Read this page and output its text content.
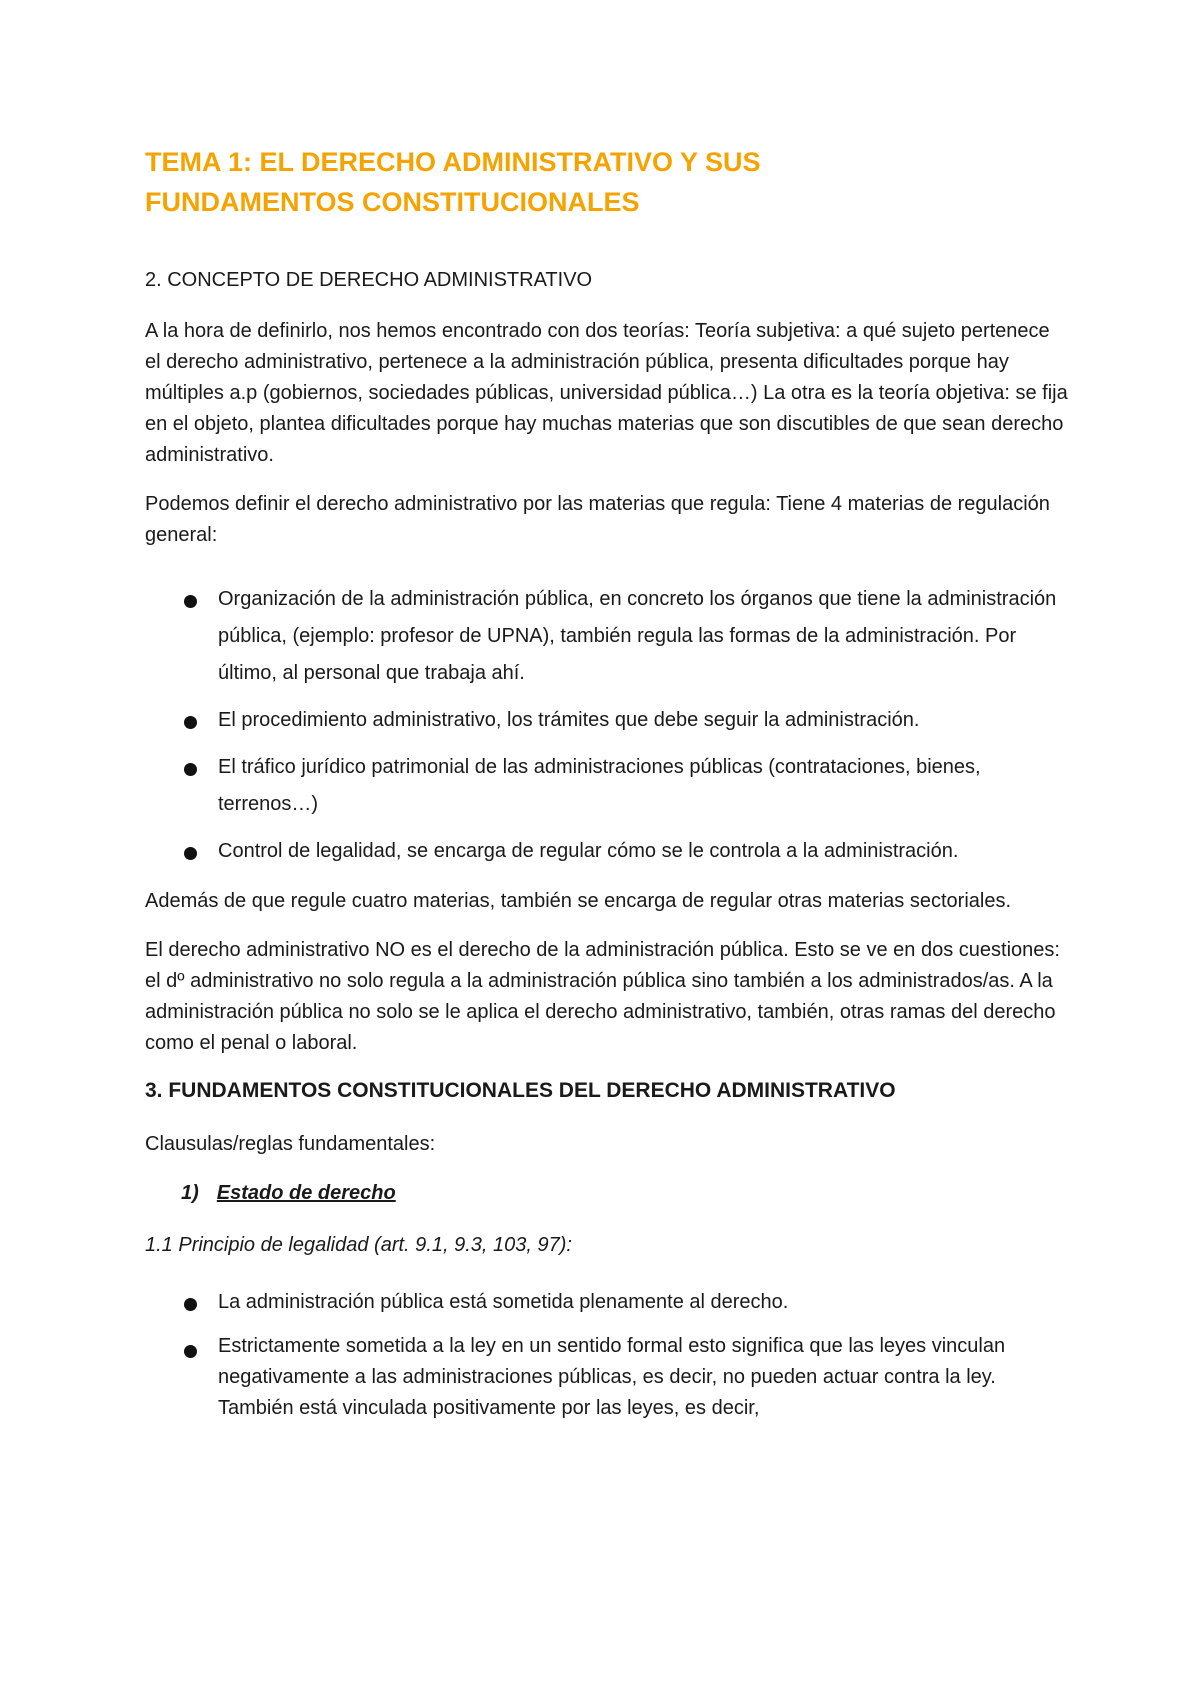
TEMA 1: EL DERECHO ADMINISTRATIVO Y SUS
FUNDAMENTOS CONSTITUCIONALES
2. CONCEPTO DE DERECHO ADMINISTRATIVO

A la hora de definirlo, nos hemos encontrado con dos teorías: Teoría subjetiva: a qué sujeto pertenece el derecho administrativo, pertenece a la administración pública, presenta dificultades porque hay múltiples a.p (gobiernos, sociedades públicas, universidad pública…) La otra es la teoría objetiva: se fija en el objeto, plantea dificultades porque hay muchas materias que son discutibles de que sean derecho administrativo.

Podemos definir el derecho administrativo por las materias que regula: Tiene 4 materias de regulación general:

Organización de la administración pública, en concreto los órganos que tiene la administración pública, (ejemplo: profesor de UPNA), también regula las formas de la administración. Por último, al personal que trabaja ahí.
El procedimiento administrativo, los trámites que debe seguir la administración.
El tráfico jurídico patrimonial de las administraciones públicas (contrataciones, bienes, terrenos…)
Control de legalidad, se encarga de regular cómo se le controla a la administración.

Además de que regule cuatro materias, también se encarga de regular otras materias sectoriales.

El derecho administrativo NO es el derecho de la administración pública. Esto se ve en dos cuestiones: el dº administrativo no solo regula a la administración pública sino también a los administrados/as. A la administración pública no solo se le aplica el derecho administrativo, también, otras ramas del derecho como el penal o laboral.

3. FUNDAMENTOS CONSTITUCIONALES DEL DERECHO ADMINISTRATIVO

Clausulas/reglas fundamentales:

1) Estado de derecho
1.1 Principio de legalidad (art. 9.1, 9.3, 103, 97):
La administración pública está sometida plenamente al derecho.
Estrictamente sometida a la ley en un sentido formal esto significa que las leyes vinculan negativamente a las administraciones públicas, es decir, no pueden actuar contra la ley. También está vinculada positivamente por las leyes, es decir,
